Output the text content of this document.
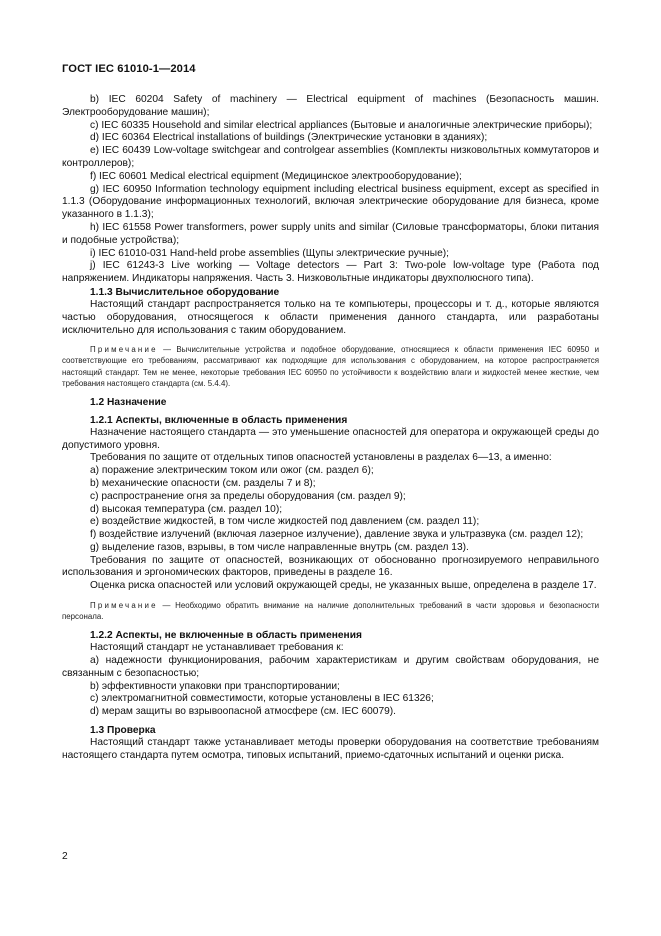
ГОСТ IEC 61010-1—2014

b) IEC 60204 Safety of machinery — Electrical equipment of machines (Безопасность машин. Электрооборудование машин);

c) IEC 60335 Household and similar electrical appliances (Бытовые и аналогичные электрические приборы);

d) IEC 60364 Electrical installations of buildings (Электрические установки в зданиях);

e) IEC 60439 Low-voltage switchgear and controlgear assemblies (Комплекты низковольтных коммутаторов и контроллеров);

f) IEC 60601 Medical electrical equipment (Медицинское электрооборудование);

g) IEC 60950 Information technology equipment including electrical business equipment, except as specified in 1.1.3 (Оборудование информационных технологий, включая электрические оборудование для бизнеса, кроме указанного в 1.1.3);

h) IEC 61558 Power transformers, power supply units and similar (Силовые трансформаторы, блоки питания и подобные устройства);

i) IEC 61010-031 Hand-held probe assemblies (Щупы электрические ручные);

j) IEC 61243-3 Live working — Voltage detectors — Part 3: Two-pole low-voltage type (Работа под напряжением. Индикаторы напряжения. Часть 3. Низковольтные индикаторы двухполюсного типа).

1.1.3 Вычислительное оборудование

Настоящий стандарт распространяется только на те компьютеры, процессоры и т. д., которые являются частью оборудования, относящегося к области применения данного стандарта, или разработаны исключительно для использования с таким оборудованием.

Примечание — Вычислительные устройства и подобное оборудование, относящиеся к области применения IEC 60950 и соответствующие его требованиям, рассматривают как подходящие для использования с оборудованием, на которое распространяется настоящий стандарт. Тем не менее, некоторые требования IEC 60950 по устойчивости к воздействию влаги и жидкостей менее жесткие, чем требования настоящего стандарта (см. 5.4.4).

1.2 Назначение

1.2.1 Аспекты, включенные в область применения

Назначение настоящего стандарта — это уменьшение опасностей для оператора и окружающей среды до допустимого уровня.

Требования по защите от отдельных типов опасностей установлены в разделах 6—13, а именно:

a) поражение электрическим током или ожог (см. раздел 6);

b) механические опасности (см. разделы 7 и 8);

c) распространение огня за пределы оборудования (см. раздел 9);

d) высокая температура (см. раздел 10);

e) воздействие жидкостей, в том числе жидкостей под давлением (см. раздел 11);

f) воздействие излучений (включая лазерное излучение), давление звука и ультразвука (см. раздел 12);

g) выделение газов, взрывы, в том числе направленные внутрь (см. раздел 13).

Требования по защите от опасностей, возникающих от обоснованно прогнозируемого неправильного использования и эргономических факторов, приведены в разделе 16.

Оценка риска опасностей или условий окружающей среды, не указанных выше, определена в разделе 17.

Примечание — Необходимо обратить внимание на наличие дополнительных требований в части здоровья и безопасности персонала.

1.2.2 Аспекты, не включенные в область применения

Настоящий стандарт не устанавливает требования к:

a) надежности функционирования, рабочим характеристикам и другим свойствам оборудования, не связанным с безопасностью;

b) эффективности упаковки при транспортировании;

c) электромагнитной совместимости, которые установлены в IEC 61326;

d) мерам защиты во взрывоопасной атмосфере (см. IEC 60079).

1.3 Проверка

Настоящий стандарт также устанавливает методы проверки оборудования на соответствие требованиям настоящего стандарта путем осмотра, типовых испытаний, приемо-сдаточных испытаний и оценки риска.

2
